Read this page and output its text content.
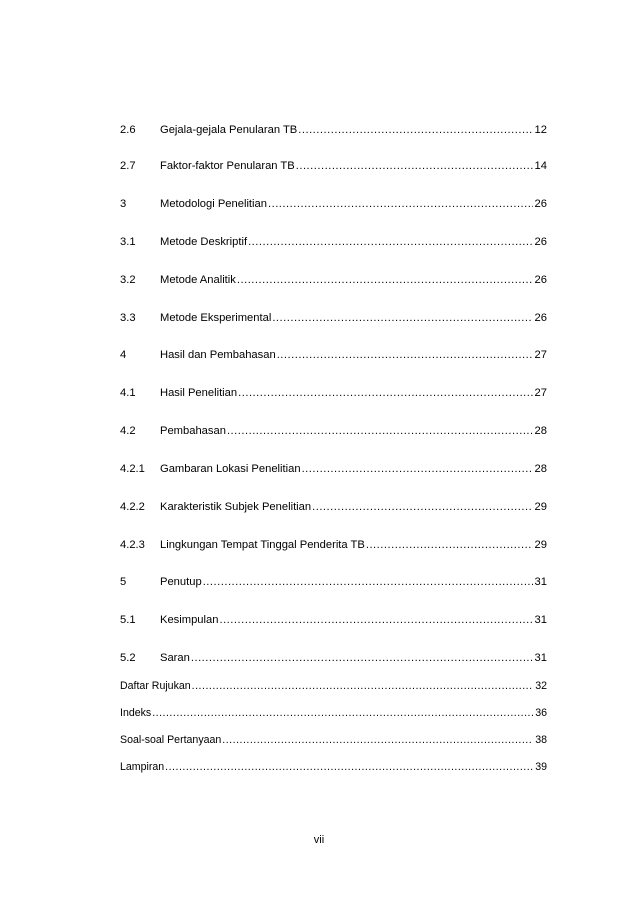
2.6	Gejala-gejala Penularan TB .....	12
2.7	Faktor-faktor Penularan TB .....	14
3	Metodologi Penelitian .....	26
3.1	Metode Deskriptif .....	26
3.2	Metode Analitik .....	26
3.3	Metode Eksperimental .....	26
4	Hasil dan Pembahasan .....	27
4.1	Hasil Penelitian .....	27
4.2	Pembahasan .....	28
4.2.1	Gambaran Lokasi Penelitian .....	28
4.2.2	Karakteristik Subjek Penelitian .....	29
4.2.3	Lingkungan Tempat Tinggal Penderita TB .....	29
5	Penutup .....	31
5.1	Kesimpulan .....	31
5.2	Saran .....	31
Daftar Rujukan .....	32
Indeks .....	36
Soal-soal Pertanyaan .....	38
Lampiran .....	39
vii
